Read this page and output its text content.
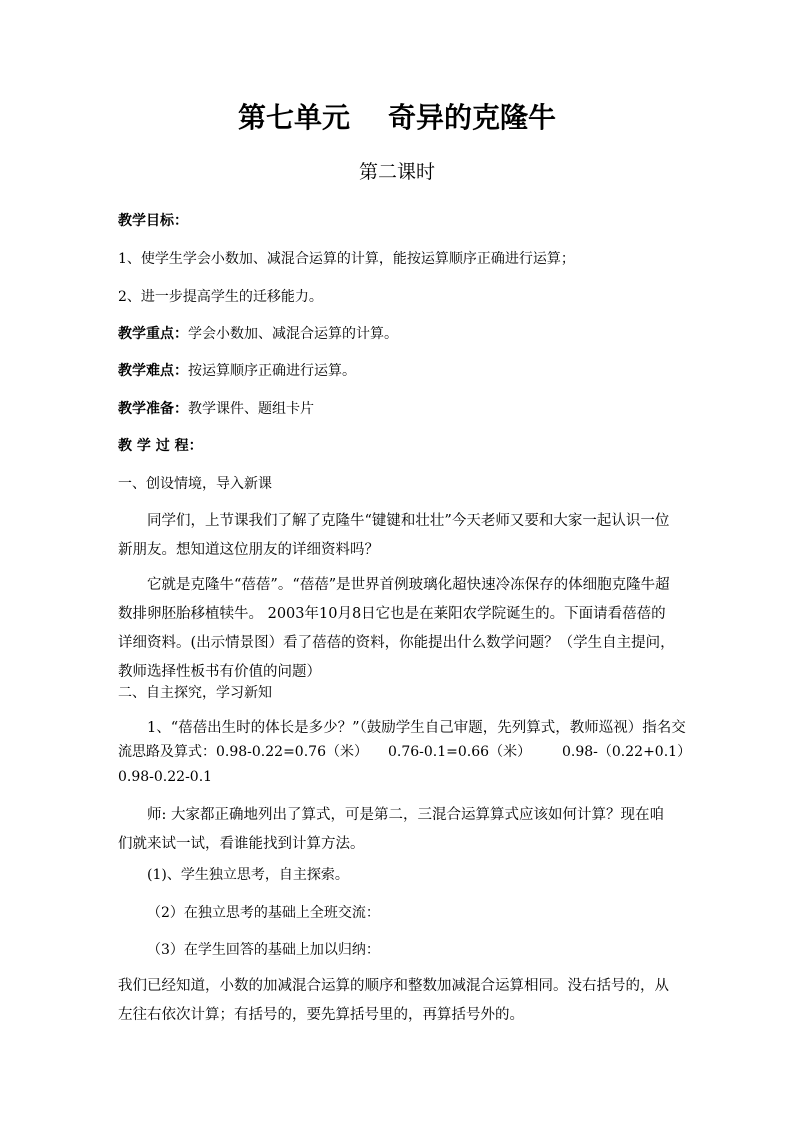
第七单元 奇异的克隆牛
第二课时
教学目标：
1、使学生学会小数加、减混合运算的计算，能按运算顺序正确进行运算；
2、进一步提高学生的迁移能力。
教学重点：学会小数加、减混合运算的计算。
教学难点：按运算顺序正确进行运算。
教学准备：教学课件、题组卡片
教 学 过 程：
一、创设情境，导入新课
同学们，上节课我们了解了克隆牛“键键和壮壮”今天老师又要和大家一起认识一位新朋友。想知道这位朋友的详细资料吗？
它就是克隆牛“蓓蓓”。“蓓蓓”是世界首例玻璃化超快速冷冻保存的体细胞克隆牛超数排卵胚胎移植犊牛。 2003年10月8日它也是在莱阳农学院诞生的。下面请看蓓蓓的详细资料。(出示情景图）看了蓓蓓的资料，你能提出什么数学问题？（学生自主提问，教师选择性板书有价值的问题）
二、自主探究，学习新知
1、“蓓蓓出生时的体长是多少？”（鼓励学生自己审题，先列算式，教师巡视）指名交
流思路及算式：0.98-0.22=0.76（米） 0.76-0.1=0.66（米） 0.98-（0.22+0.1）
0.98-0.22-0.1
师: 大家都正确地列出了算式，可是第二，三混合运算算式应该如何计算？现在咱们就来试一试，看谁能找到计算方法。
(1)、学生独立思考，自主探索。
（2）在独立思考的基础上全班交流：
（3）在学生回答的基础上加以归纳：
我们已经知道，小数的加减混合运算的顺序和整数加减混合运算相同。没右括号的，从左往右依次计算；有括号的，要先算括号里的，再算括号外的。
